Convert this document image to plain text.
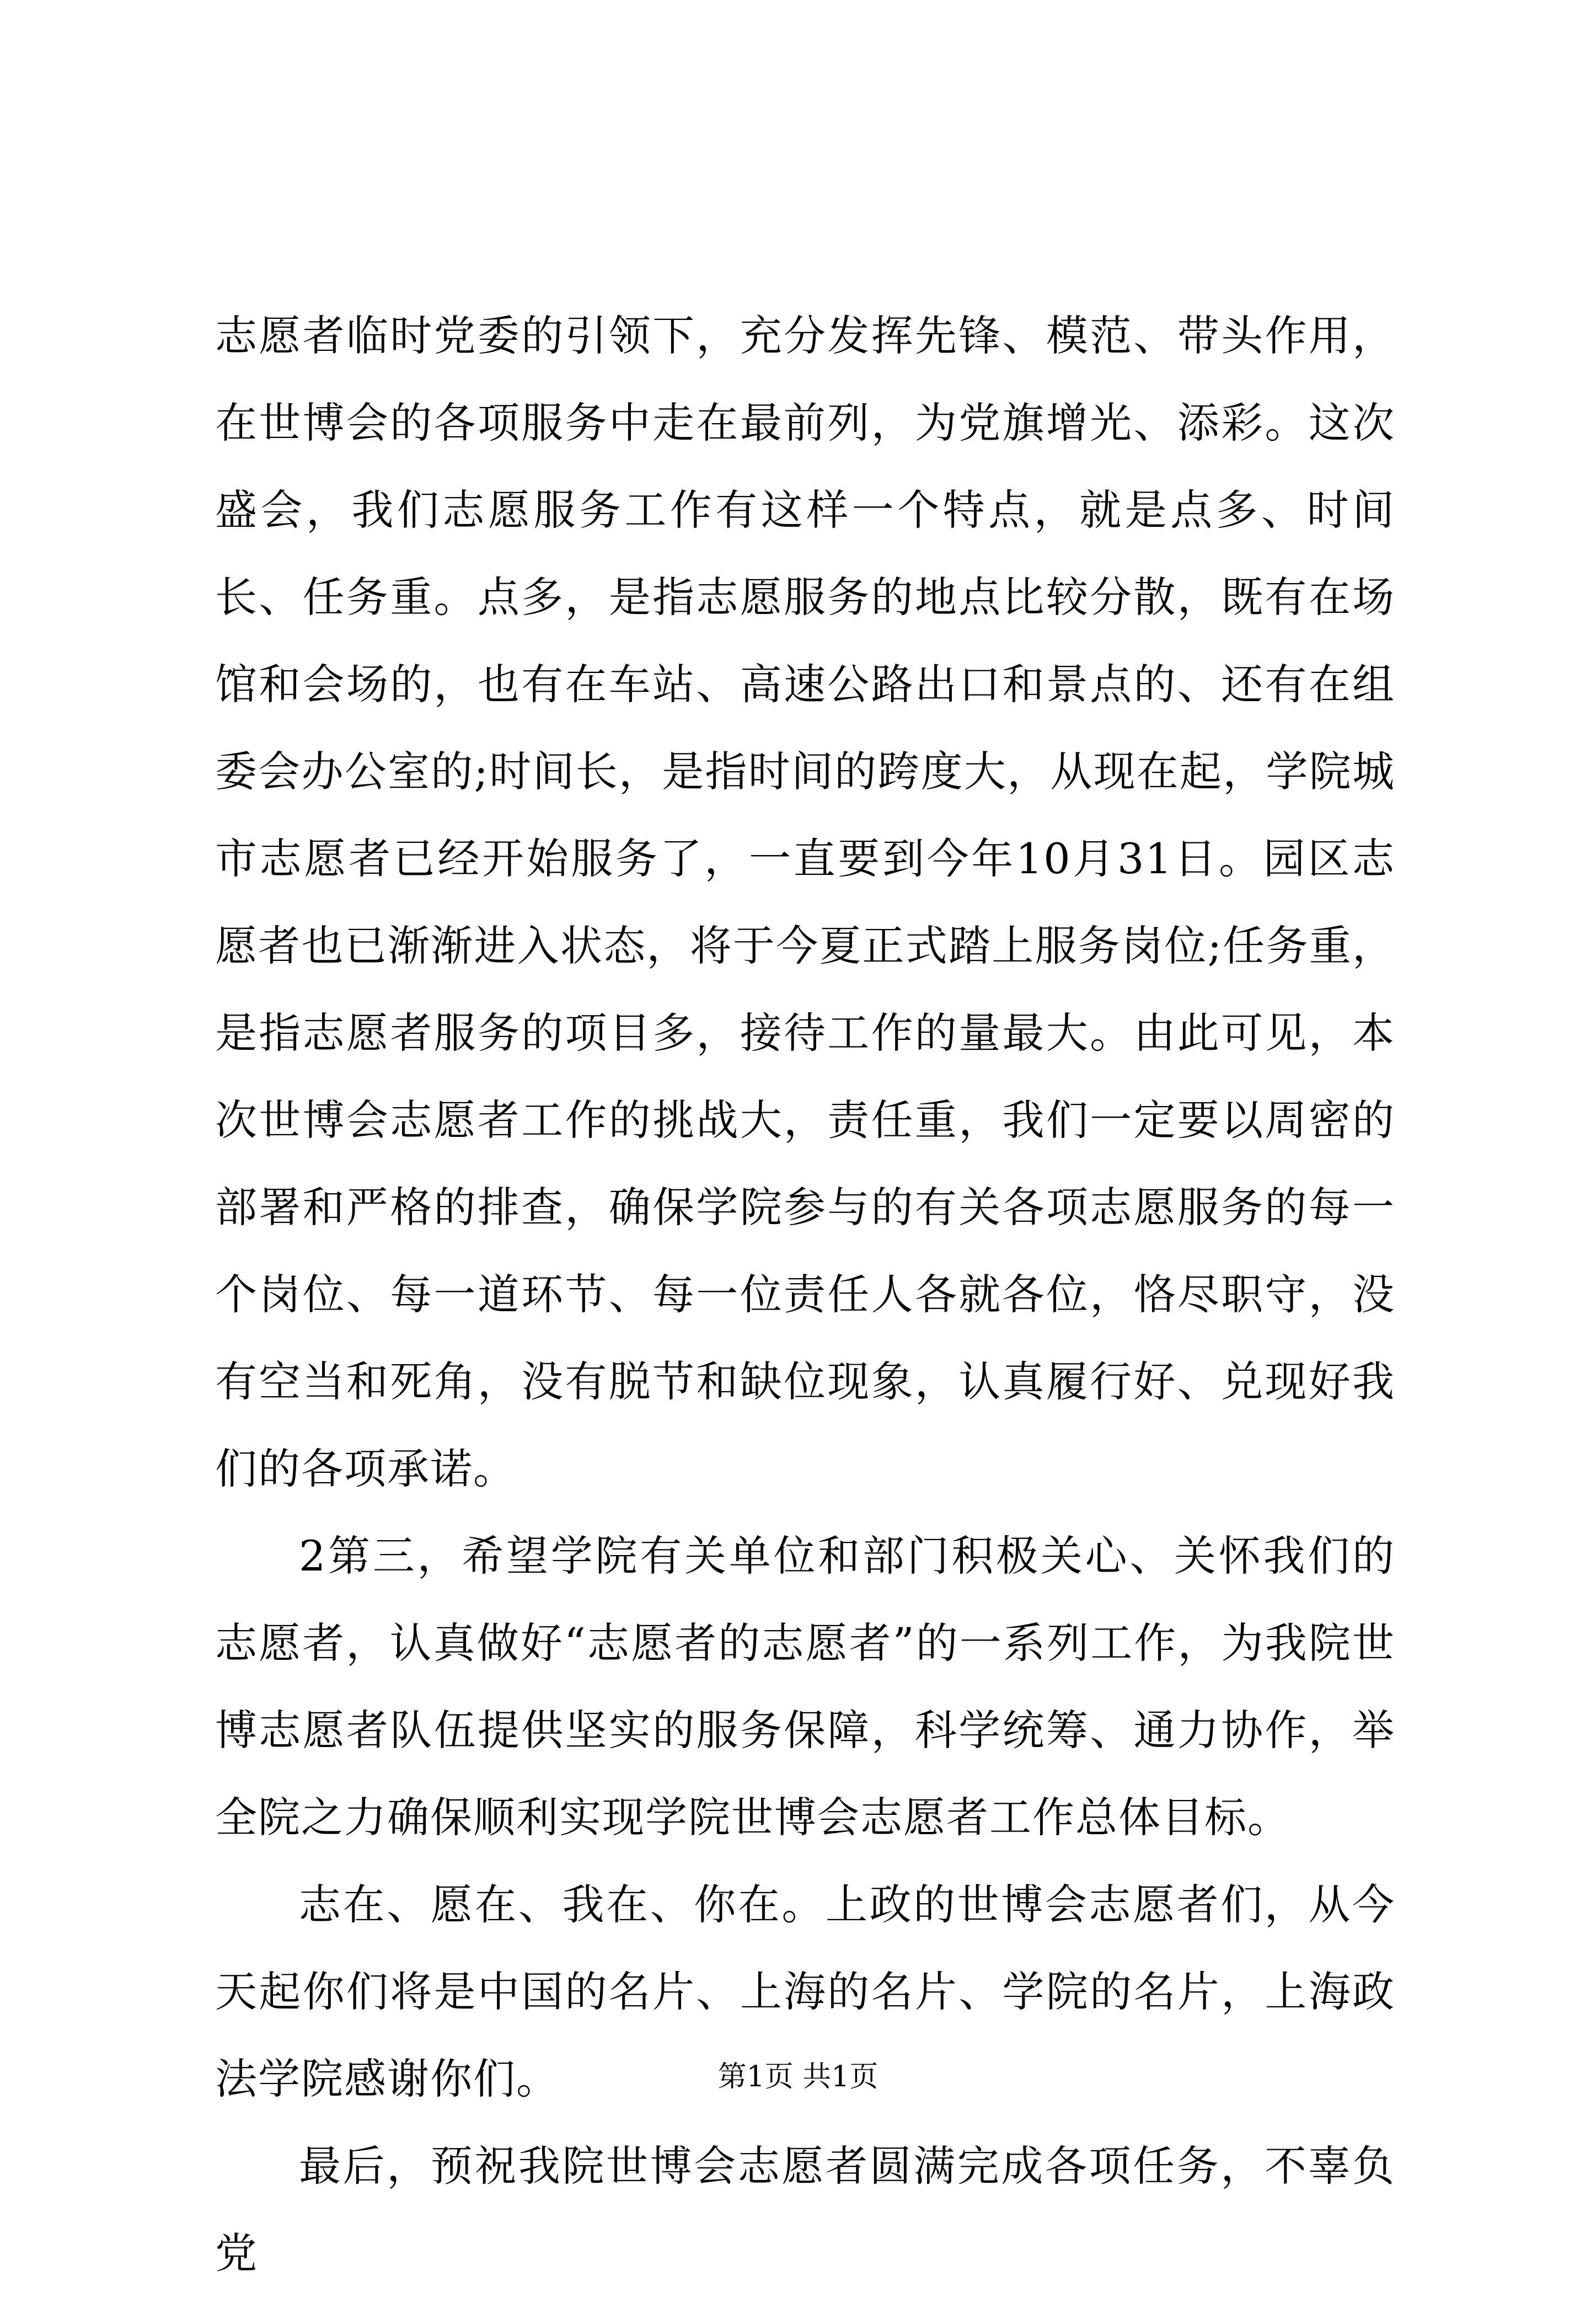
志愿者临时党委的引领下，充分发挥先锋、模范、带头作用，在世博会的各项服务中走在最前列，为党旗增光、添彩。这次盛会，我们志愿服务工作有这样一个特点，就是点多、时间长、任务重。点多，是指志愿服务的地点比较分散，既有在场馆和会场的，也有在车站、高速公路出口和景点的、还有在组委会办公室的;时间长，是指时间的跨度大，从现在起，学院城市志愿者已经开始服务了，一直要到今年10月31日。园区志愿者也已渐渐进入状态，将于今夏正式踏上服务岗位;任务重，是指志愿者服务的项目多，接待工作的量最大。由此可见，本次世博会志愿者工作的挑战大，责任重，我们一定要以周密的部署和严格的排查，确保学院参与的有关各项志愿服务的每一个岗位、每一道环节、每一位责任人各就各位，恪尽职守，没有空当和死角，没有脱节和缺位现象，认真履行好、兑现好我们的各项承诺。

2第三，希望学院有关单位和部门积极关心、关怀我们的志愿者，认真做好“志愿者的志愿者”的一系列工作，为我院世博志愿者队伍提供坚实的服务保障，科学统筹、通力协作，举全院之力确保顺利实现学院世博会志愿者工作总体目标。

志在、愿在、我在、你在。上政的世博会志愿者们，从今天起你们将是中国的名片、上海的名片、学院的名片，上海政法学院感谢你们。

最后，预祝我院世博会志愿者圆满完成各项任务，不辜负党

第1页 共1页
